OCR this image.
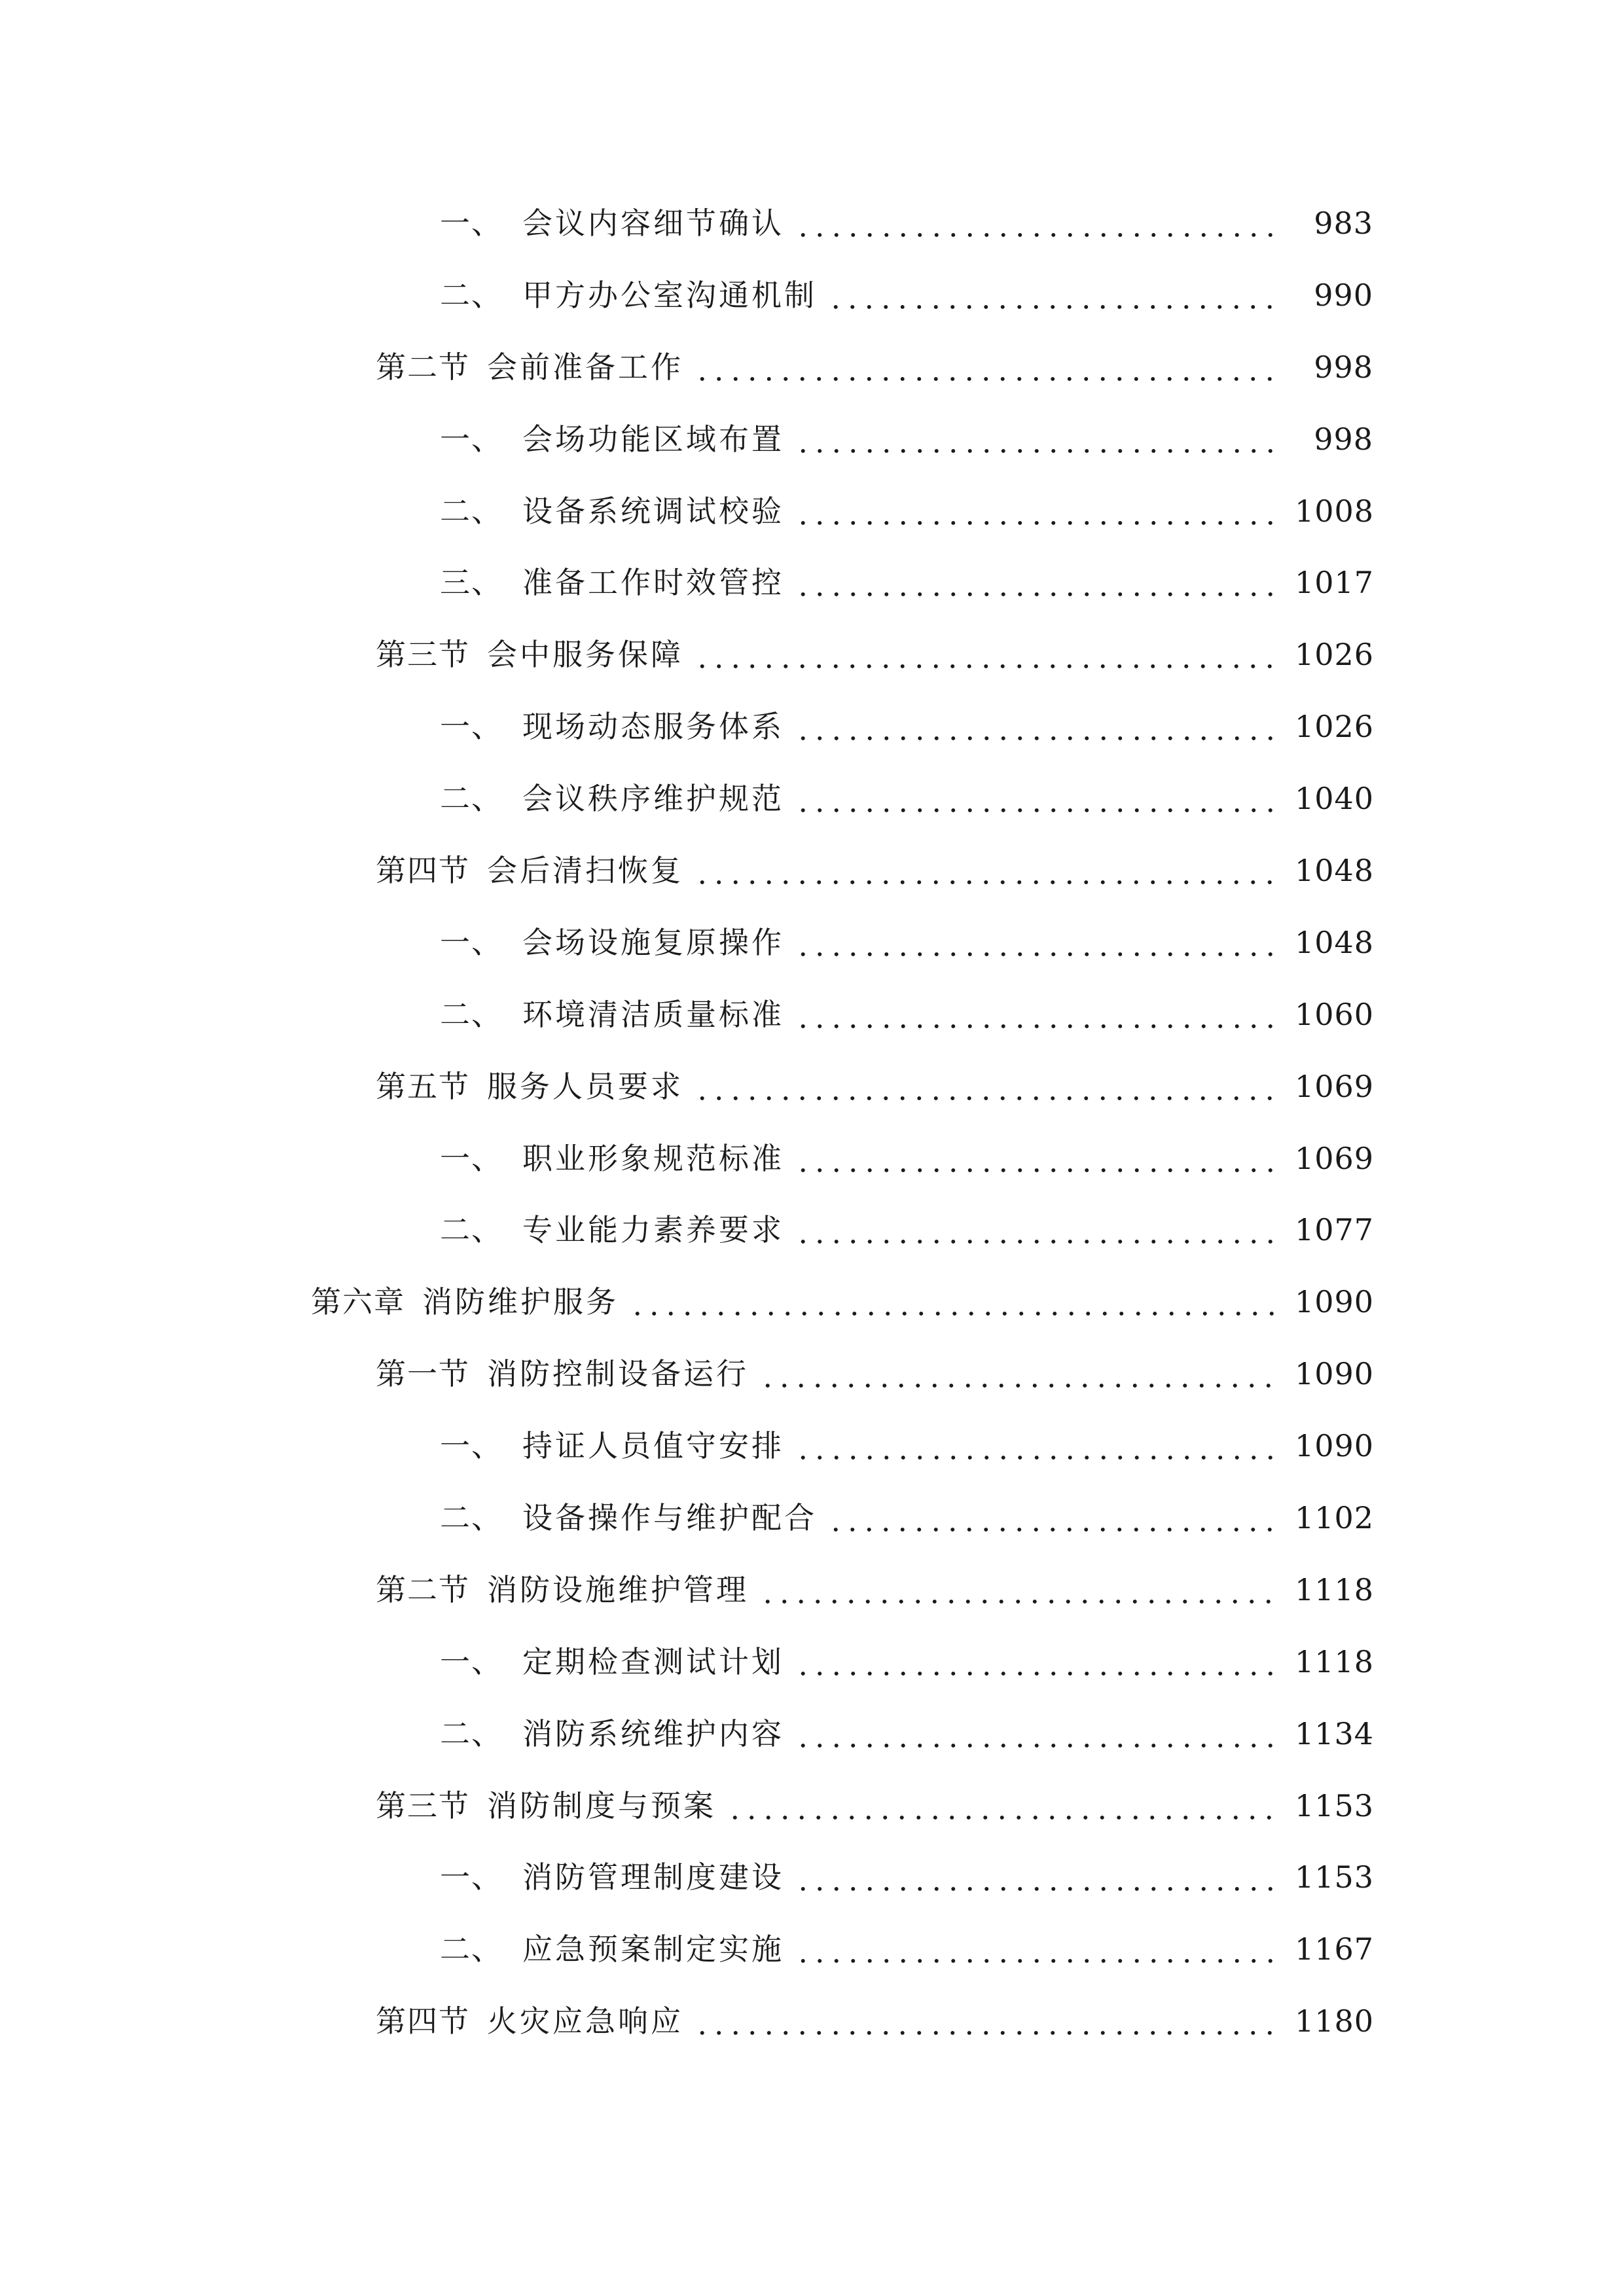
一、 会议内容细节确认	983
二、 甲方办公室沟通机制	990
第二节 会前准备工作	998
一、 会场功能区域布置	998
二、 设备系统调试校验	1008
三、 准备工作时效管控	1017
第三节 会中服务保障	1026
一、 现场动态服务体系	1026
二、 会议秩序维护规范	1040
第四节 会后清扫恢复	1048
一、 会场设施复原操作	1048
二、 环境清洁质量标准	1060
第五节 服务人员要求	1069
一、 职业形象规范标准	1069
二、 专业能力素养要求	1077
第六章 消防维护服务	1090
第一节 消防控制设备运行	1090
一、 持证人员值守安排	1090
二、 设备操作与维护配合	1102
第二节 消防设施维护管理	1118
一、 定期检查测试计划	1118
二、 消防系统维护内容	1134
第三节 消防制度与预案	1153
一、 消防管理制度建设	1153
二、 应急预案制定实施	1167
第四节 火灾应急响应	1180
